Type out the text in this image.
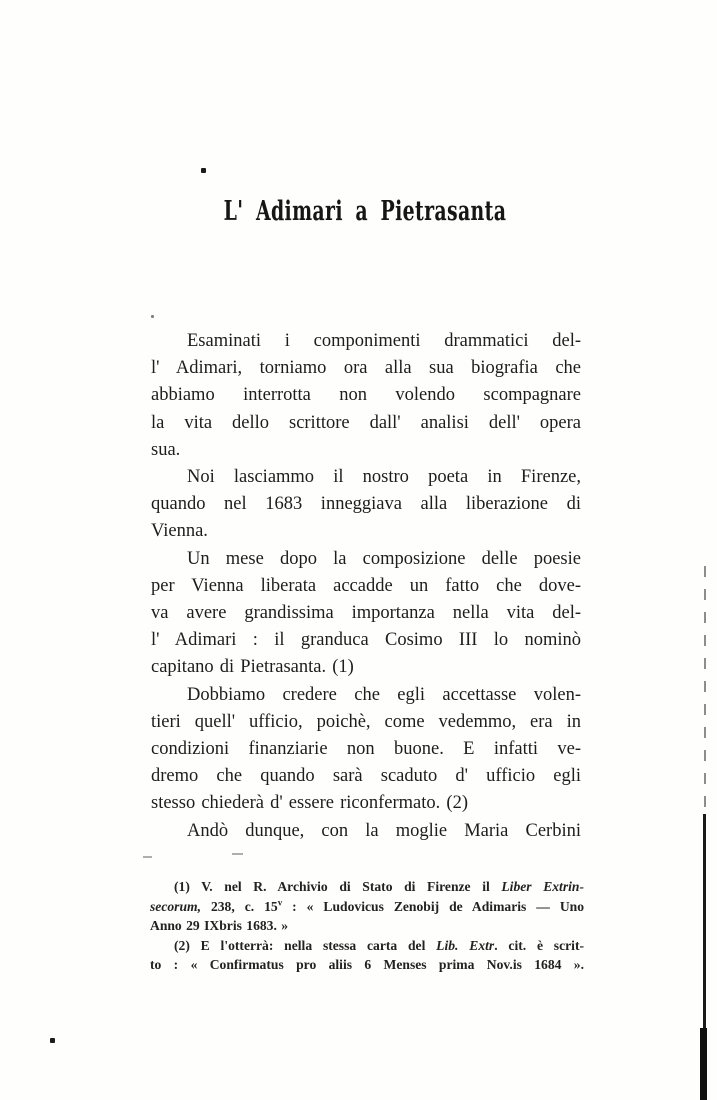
L' Adimari a Pietrasanta
Esaminati i componimenti drammatici del-
l' Adimari, torniamo ora alla sua biografia che
abbiamo interrotta non volendo scompagnare
la vita dello scrittore dall' analisi dell' opera
sua.
Noi lasciammo il nostro poeta in Firenze,
quando nel 1683 inneggiava alla liberazione di
Vienna.
Un mese dopo la composizione delle poesie
per Vienna liberata accadde un fatto che dove-
va avere grandissima importanza nella vita del-
l' Adimari : il granduca Cosimo III lo nominò
capitano di Pietrasanta. (1)
Dobbiamo credere che egli accettasse volen-
tieri quell' ufficio, poichè, come vedemmo, era in
condizioni finanziarie non buone. E infatti ve-
dremo che quando sarà scaduto d' ufficio egli
stesso chiederà d' essere riconfermato. (2)
Andò dunque, con la moglie Maria Cerbini
(1) V. nel R. Archivio di Stato di Firenze il Liber Extrin-
secorum, 238, c. 15$^v$ : « Ludovicus Zenobij de Adimaris — Uno
Anno 29 IXbris 1683. »
(2) E l'otterrà: nella stessa carta del Lib. Extr. cit. è scrit-
to : « Confirmatus pro aliis 6 Menses prima Nov.is 1684 ».
